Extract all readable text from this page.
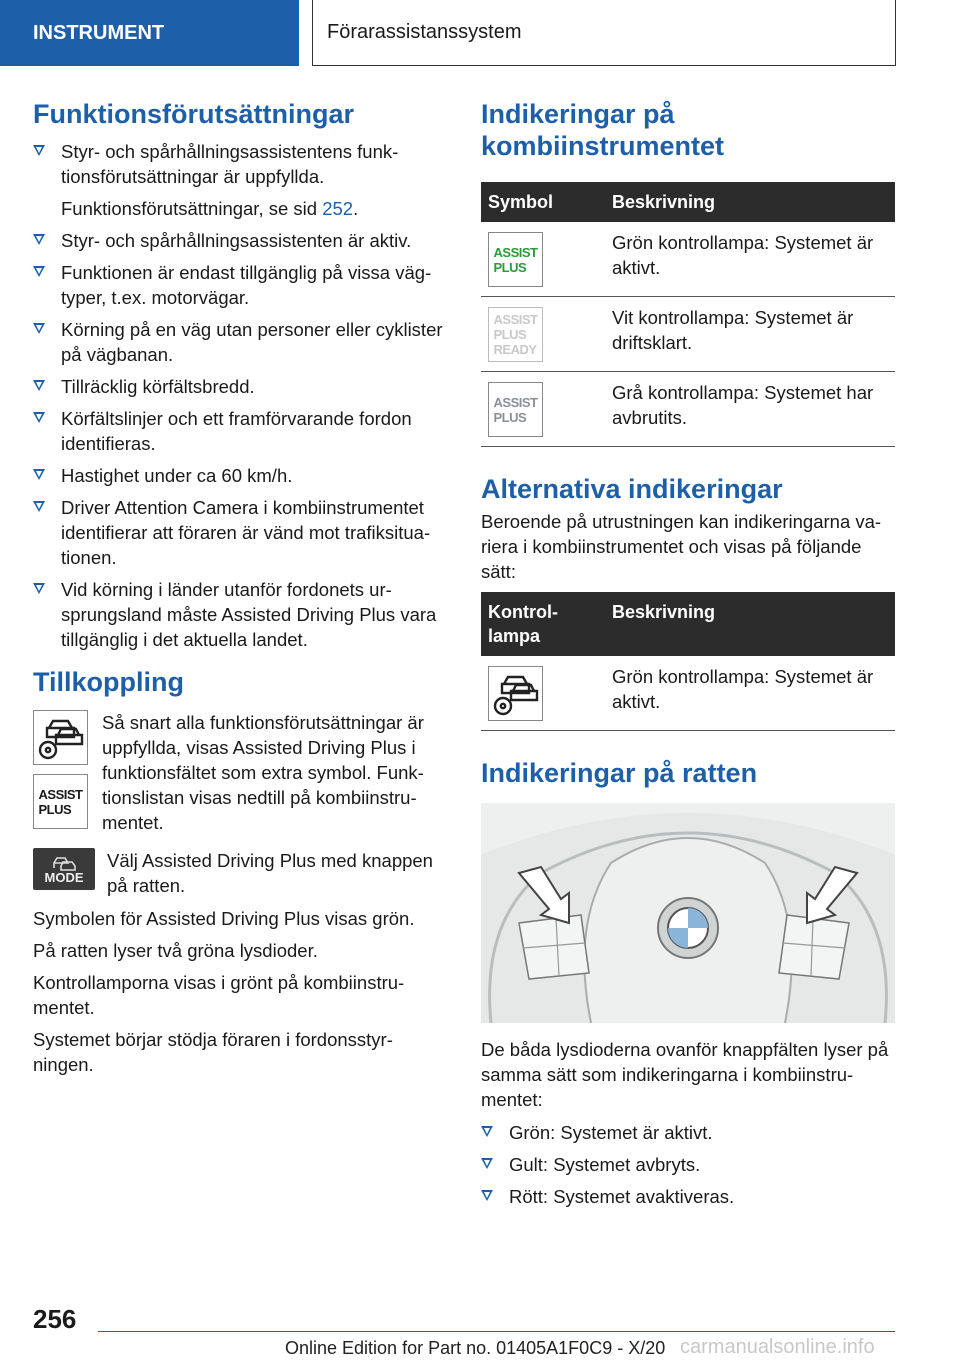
INSTRUMENT	Förarassistanssystem
Funktionsförutsättningar
Styr- och spårhållningsassistentens funktionsförutsättningar är uppfyllda.
Funktionsförutsättningar, se sid 252.
Styr- och spårhållningsassistenten är aktiv.
Funktionen är endast tillgänglig på vissa vägtyper, t.ex. motorvägar.
Körning på en väg utan personer eller cyklister på vägbanan.
Tillräcklig körfältsbredd.
Körfältslinjer och ett framförvarande fordon identifieras.
Hastighet under ca 60 km/h.
Driver Attention Camera i kombiinstrumentet identifierar att föraren är vänd mot trafiksituationen.
Vid körning i länder utanför fordonets ursprungsland måste Assisted Driving Plus vara tillgänglig i det aktuella landet.
Tillkoppling
ASSIST
PLUS

Så snart alla funktionsförutsättningar är uppfyllda, visas Assisted Driving Plus i funktionsfältet som extra symbol. Funktionslistan visas nedtill på kombiinstrumentet.

MODE

Välj Assisted Driving Plus med knappen på ratten.

Symbolen för Assisted Driving Plus visas grön.

På ratten lyser två gröna lysdioder.

Kontrollamporna visas i grönt på kombiinstrumentet.

Systemet börjar stödja föraren i fordonsstyrningen.

Indikeringar på kombiinstrumentet
Symbol	Beskrivning

ASSIST
PLUS	Grön kontrollampa: Systemet är aktivt.

ASSIST
PLUS
READY	Vit kontrollampa: Systemet är driftsklart.

ASSIST
PLUS	Grå kontrollampa: Systemet har avbrutits.
Alternativa indikeringar

Beroende på utrustningen kan indikeringarna variera i kombiinstrumentet och visas på följande sätt:

Kontrollampa	Beskrivning

	Grön kontrollampa: Systemet är aktivt.
Indikeringar på ratten

De båda lysdioderna ovanför knappfälten lyser på samma sätt som indikeringarna i kombiinstrumentet:

Grön: Systemet är aktivt.
Gult: Systemet avbryts.
Rött: Systemet avaktiveras.
256
Online Edition for Part no. 01405A1F0C9 - X/20 carmanualsonline.info
